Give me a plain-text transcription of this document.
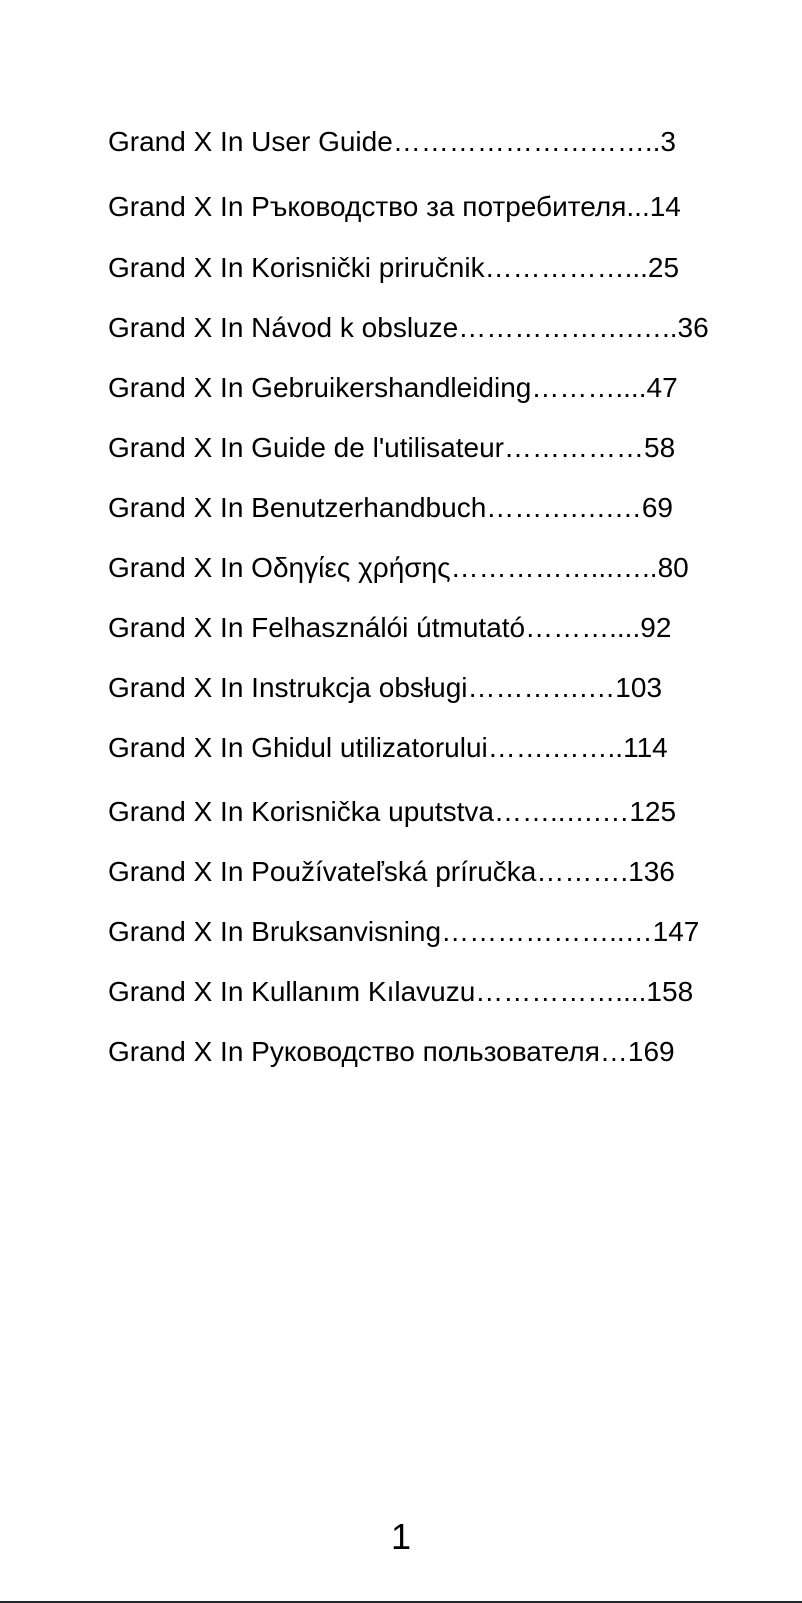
Grand X In User Guide………………………..3
Grand X In Ръководство за потребителя...14
Grand X In Korisnički priručnik……………...25
Grand X In Návod k obsluze……………….…..36
Grand X In Gebruikershandleiding………....47
Grand X In Guide de l'utilisateur……………58
Grand X In Benutzerhandbuch……….….…69
Grand X In Οδηγίες χρήσης……………...…..80
Grand X In Felhasználói útmutató………....92
Grand X In Instrukcja obsługi………….…103
Grand X In Ghidul utilizatorului…….……..114
Grand X In Korisnička uputstva……..….…125
Grand X In Používateľská príručka……….136
Grand X In Bruksanvisning………………..…147
Grand X In Kullanım Kılavuzu……………....158
Grand X In Руководство пользователя…169
1
